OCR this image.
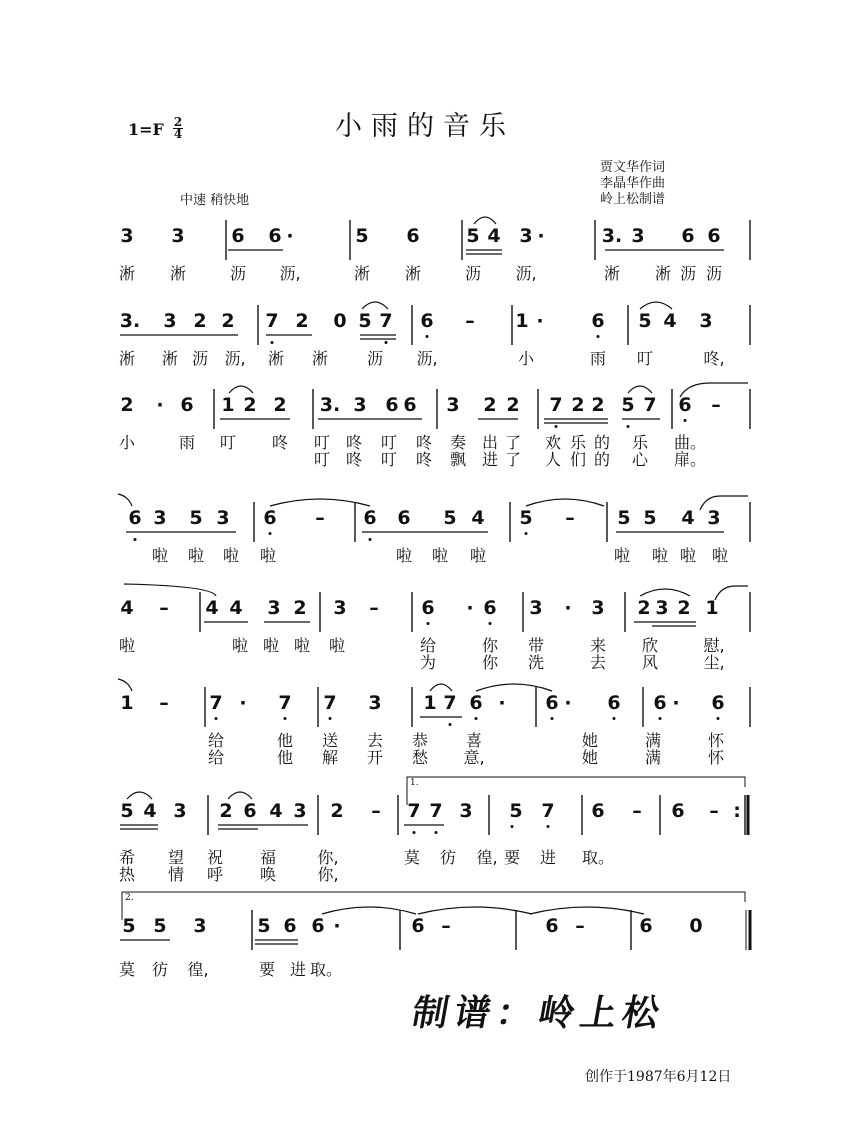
1=F 2
4	小雨的音乐
贾文华作词
李晶华作曲
岭上松制谱
中速 稍快地
3 3 6 6 ·	5 6 5 4 3 ·	3. 3 6 6
淅 淅	沥 沥,	淅 淅	沥 沥,	淅 淅 沥 沥
3. 3 2 2 7 2 0 5 7 6 – 1 ·	6 5 4 3
淅 淅 沥 沥, 淅 淅 沥 沥,	小	雨 叮	咚,
2 · 6 1 2 2 3. 3 6 6 3 2 2 7 2 2 5 7 6 –
小	雨 叮 咚 叮 咚 叮 咚 奏 出 了 欢 乐 的 乐 曲。
叮 咚 叮 咚 飘 进 了 人 们 的 心 扉。
6 3 5 3 6 – 6 6 5 4 5 – 5 5 4 3
啦 啦 啦 啦	啦 啦 啦	啦 啦 啦 啦
4 – 4 4 3 2 3 – 6 · 6 3 · 3 2 3 2 1
啦	啦 啦 啦 啦	给	你 带	来 欣	慰,
为	你 洗	去 风	尘,
1 – 7 · 7 7 3 1 7 6 · 6 · 6 6 · 6
给	他 送 去 恭 喜	她	满	怀
给	他 解 开 愁 意,	她	满	怀
1.
5 4 3 2 6 4 3 2 – 7 7 3 5 7 6 – 6 – :
希 望 祝 福	你,	莫 彷 徨, 要 进 取。
热 情 呼 唤	你,
2.
5 5 3	5 6 6 ·	6 –	6 –	6 0
莫 彷 徨,	要 进 取。
制谱：岭上松
创作于1987年6月12日
